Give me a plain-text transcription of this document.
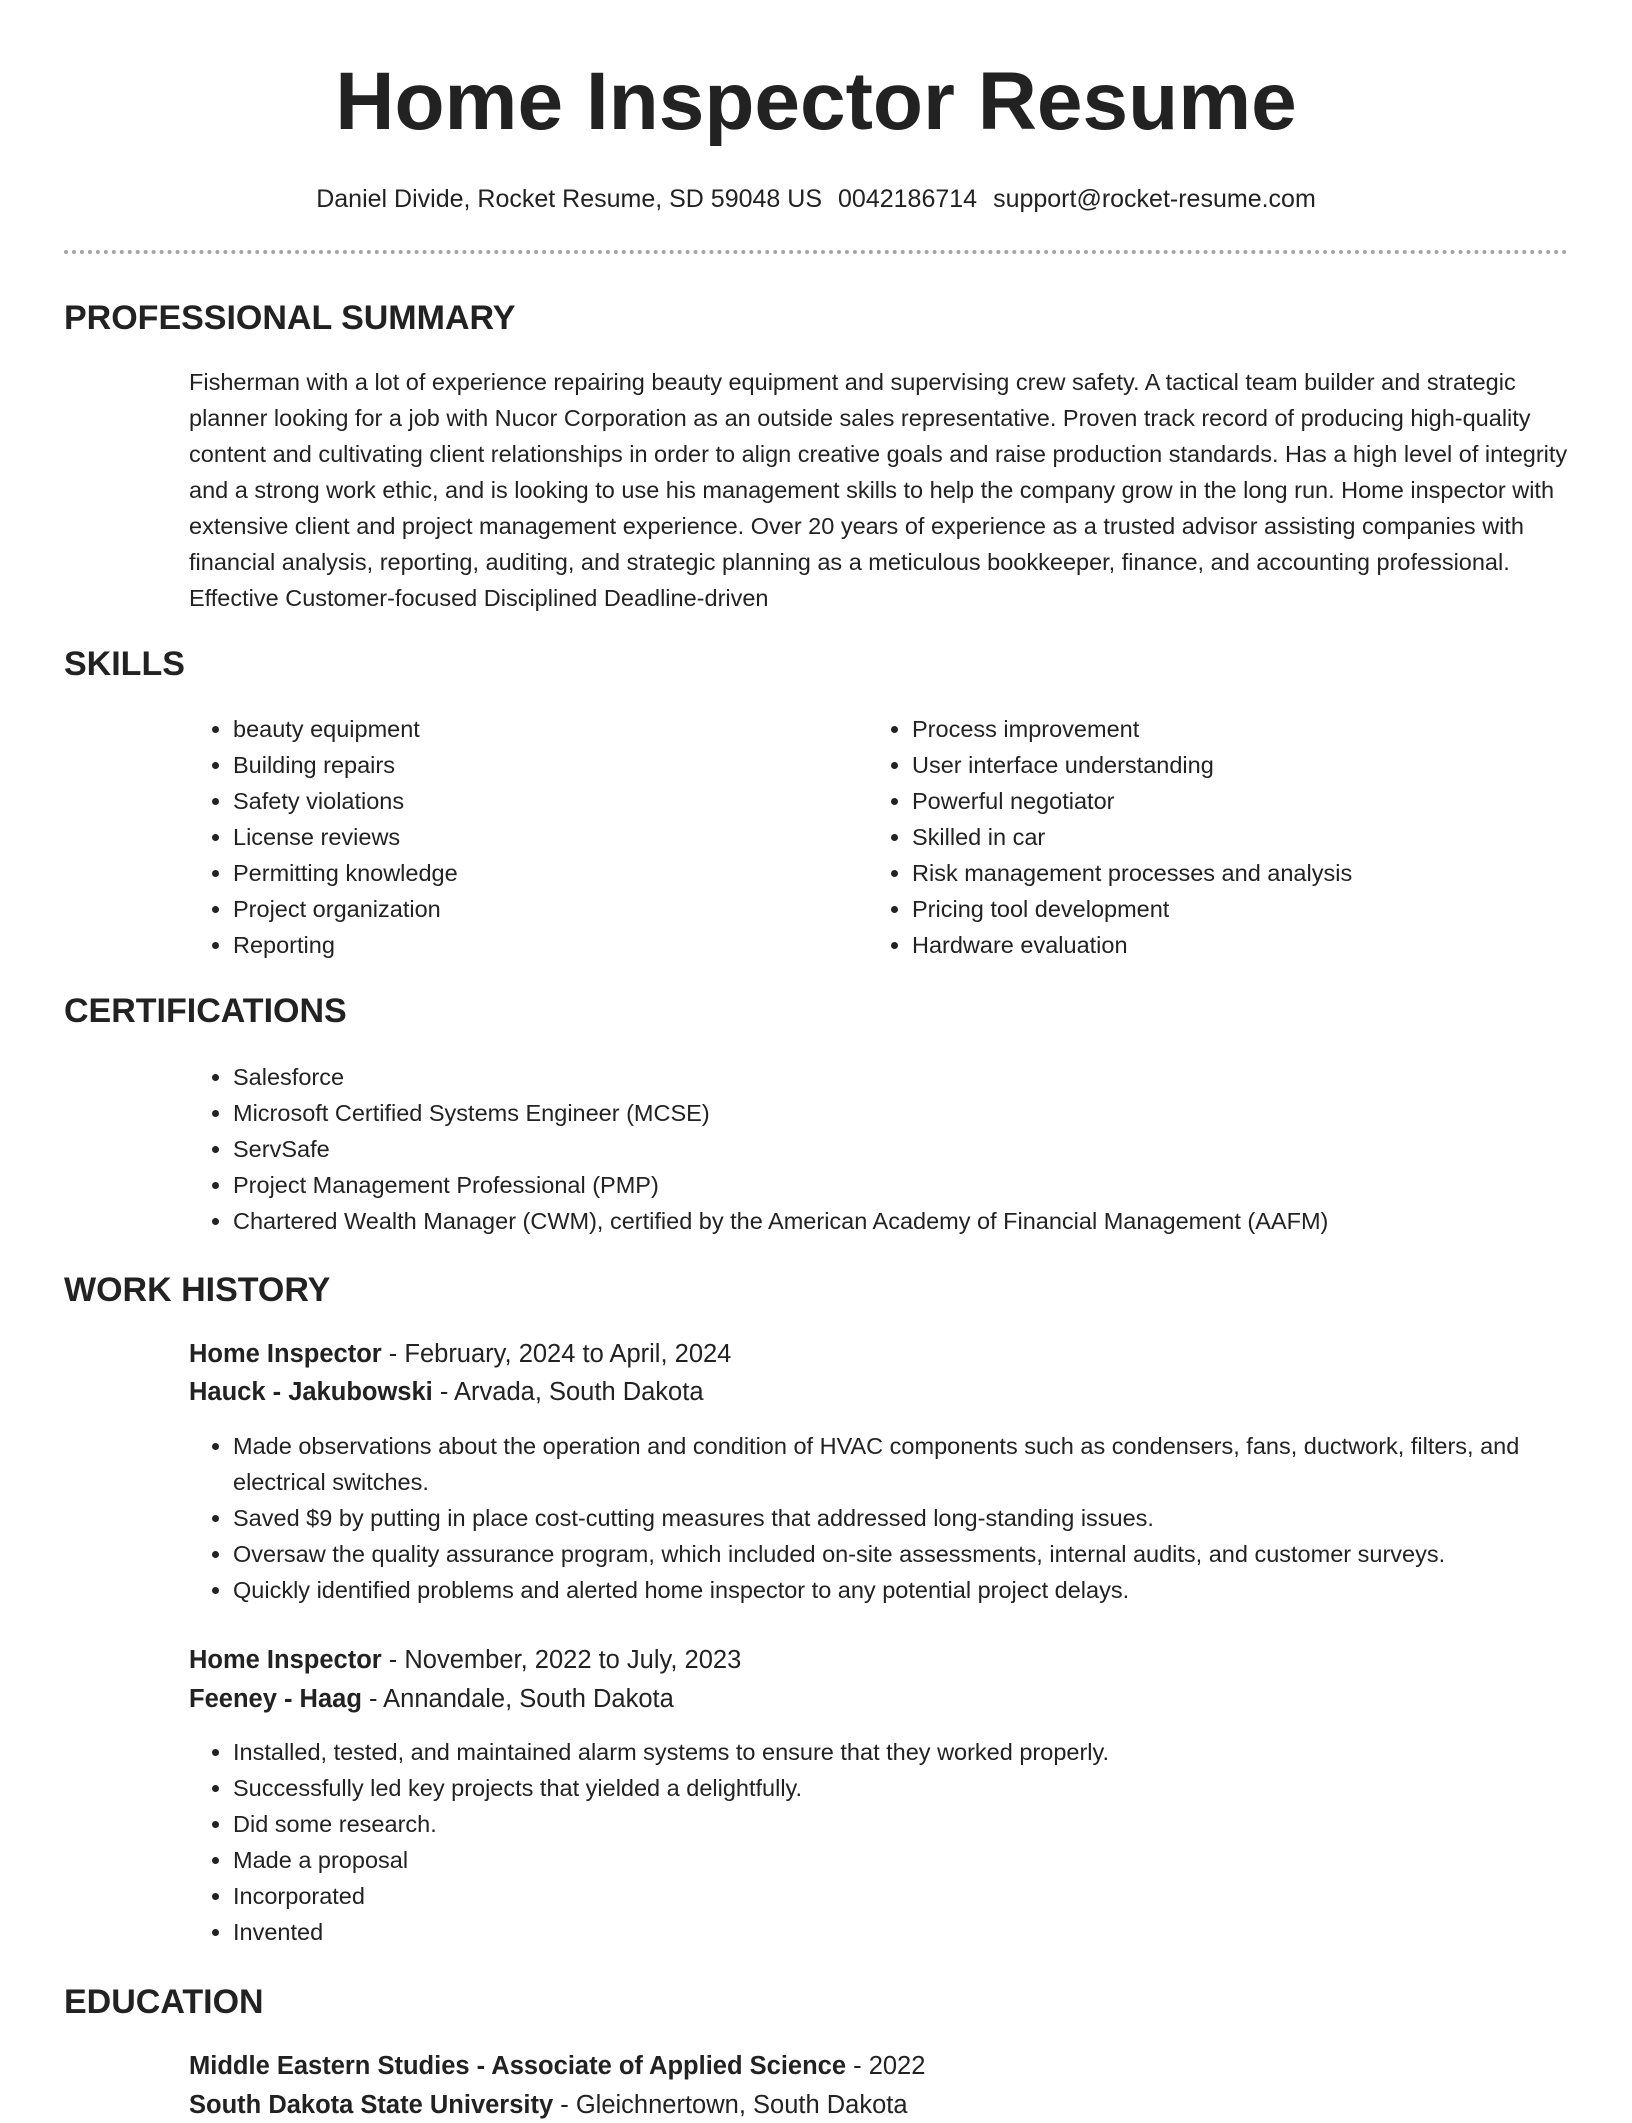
Home Inspector Resume
Daniel Divide, Rocket Resume, SD 59048 US 0042186714 support@rocket-resume.com
PROFESSIONAL SUMMARY

Fisherman with a lot of experience repairing beauty equipment and supervising crew safety. A tactical team builder and strategic planner looking for a job with Nucor Corporation as an outside sales representative. Proven track record of producing high-quality content and cultivating client relationships in order to align creative goals and raise production standards. Has a high level of integrity and a strong work ethic, and is looking to use his management skills to help the company grow in the long run. Home inspector with extensive client and project management experience. Over 20 years of experience as a trusted advisor assisting companies with financial analysis, reporting, auditing, and strategic planning as a meticulous bookkeeper, finance, and accounting professional. Effective Customer-focused Disciplined Deadline-driven

SKILLS
• beauty equipment
• Building repairs
• Safety violations
• License reviews
• Permitting knowledge
• Project organization
• Reporting
• Process improvement
• User interface understanding
• Powerful negotiator
• Skilled in car
• Risk management processes and analysis
• Pricing tool development
• Hardware evaluation
CERTIFICATIONS
• Salesforce
• Microsoft Certified Systems Engineer (MCSE)
• ServSafe
• Project Management Professional (PMP)
• Chartered Wealth Manager (CWM), certified by the American Academy of Financial Management (AAFM)
WORK HISTORY
Home Inspector - February, 2024 to April, 2024
Hauck - Jakubowski - Arvada, South Dakota
• Made observations about the operation and condition of HVAC components such as condensers, fans, ductwork, filters, and electrical switches.
• Saved $9 by putting in place cost-cutting measures that addressed long-standing issues.
• Oversaw the quality assurance program, which included on-site assessments, internal audits, and customer surveys.
• Quickly identified problems and alerted home inspector to any potential project delays.
Home Inspector - November, 2022 to July, 2023
Feeney - Haag - Annandale, South Dakota
• Installed, tested, and maintained alarm systems to ensure that they worked properly.
• Successfully led key projects that yielded a delightfully.
• Did some research.
• Made a proposal
• Incorporated
• Invented
EDUCATION
Middle Eastern Studies - Associate of Applied Science - 2022
South Dakota State University - Gleichnertown, South Dakota
